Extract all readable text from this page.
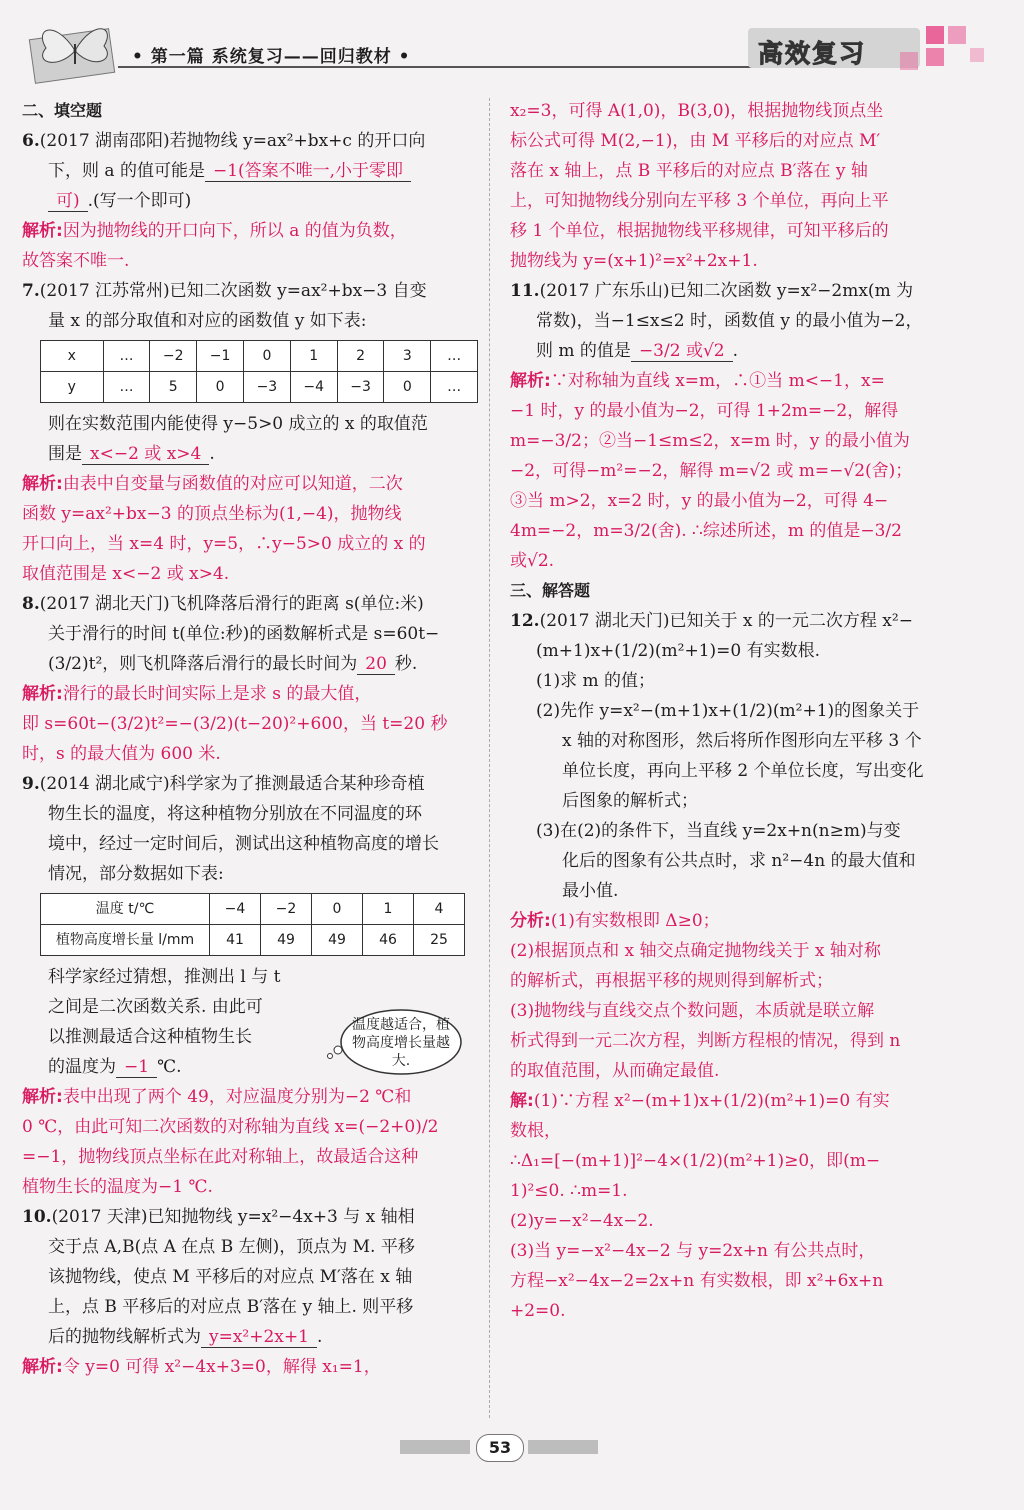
• 第一篇 系统复习——回归教材 •	高效复习

二、填空题

6.(2017 湖南邵阳)若抛物线 y=ax²+bx+c 的开口向

下，则 a 的值可能是 −1(答案不唯一,小于零即

可) .(写一个即可)

解析:因为抛物线的开口向下，所以 a 的值为负数，

故答案不唯一.

7.(2017 江苏常州)已知二次函数 y=ax²+bx−3 自变

量 x 的部分取值和对应的函数值 y 如下表:

x	…	−2	−1	0	1	2	3	…
y	…	5	0	−3	−4	−3	0	…

则在实数范围内能使得 y−5>0 成立的 x 的取值范

围是 x<−2 或 x>4 .

解析:由表中自变量与函数值的对应可以知道，二次

函数 y=ax²+bx−3 的顶点坐标为(1,−4)，抛物线

开口向上，当 x=4 时，y=5，∴y−5>0 成立的 x 的

取值范围是 x<−2 或 x>4.

8.(2017 湖北天门)飞机降落后滑行的距离 s(单位:米)

关于滑行的时间 t(单位:秒)的函数解析式是 s=60t−

(3/2)t²，则飞机降落后滑行的最长时间为 20 秒.

解析:滑行的最长时间实际上是求 s 的最大值，

即 s=60t−(3/2)t²=−(3/2)(t−20)²+600，当 t=20 秒

时，s 的最大值为 600 米.

9.(2014 湖北咸宁)科学家为了推测最适合某种珍奇植

物生长的温度，将这种植物分别放在不同温度的环

境中，经过一定时间后，测试出这种植物高度的增长

情况，部分数据如下表:

温度 t/℃	−4	−2	0	1	4
植物高度增长量 l/mm	41	49	49	46	25

科学家经过猜想，推测出 l 与 t

之间是二次函数关系. 由此可

以推测最适合这种植物生长

的温度为 −1 ℃.

解析:表中出现了两个 49，对应温度分别为−2 ℃和

0 ℃，由此可知二次函数的对称轴为直线 x=(−2+0)/2

=−1，抛物线顶点坐标在此对称轴上，故最适合这种

植物生长的温度为−1 ℃.

10.(2017 天津)已知抛物线 y=x²−4x+3 与 x 轴相

交于点 A,B(点 A 在点 B 左侧)，顶点为 M. 平移

该抛物线，使点 M 平移后的对应点 M′落在 x 轴

上，点 B 平移后的对应点 B′落在 y 轴上. 则平移

后的抛物线解析式为 y=x²+2x+1 .

解析:令 y=0 可得 x²−4x+3=0，解得 x₁=1，

x₂=3，可得 A(1,0)，B(3,0)，根据抛物线顶点坐

标公式可得 M(2,−1)，由 M 平移后的对应点 M′

落在 x 轴上，点 B 平移后的对应点 B′落在 y 轴

上，可知抛物线分别向左平移 3 个单位，再向上平

移 1 个单位，根据抛物线平移规律，可知平移后的

抛物线为 y=(x+1)²=x²+2x+1.

11.(2017 广东乐山)已知二次函数 y=x²−2mx(m 为

常数)，当−1≤x≤2 时，函数值 y 的最小值为−2，

则 m 的值是 −3/2 或√2 .

解析:∵对称轴为直线 x=m，∴①当 m<−1，x=

−1 时，y 的最小值为−2，可得 1+2m=−2，解得

m=−3/2；②当−1≤m≤2，x=m 时，y 的最小值为

−2，可得−m²=−2，解得 m=√2 或 m=−√2(舍)；

③当 m>2，x=2 时，y 的最小值为−2，可得 4−

4m=−2，m=3/2(舍). ∴综述所述，m 的值是−3/2

或√2.

三、解答题

12.(2017 湖北天门)已知关于 x 的一元二次方程 x²−

(m+1)x+(1/2)(m²+1)=0 有实数根.

(1)求 m 的值；

(2)先作 y=x²−(m+1)x+(1/2)(m²+1)的图象关于

x 轴的对称图形，然后将所作图形向左平移 3 个

单位长度，再向上平移 2 个单位长度，写出变化

后图象的解析式；

(3)在(2)的条件下，当直线 y=2x+n(n≥m)与变

化后的图象有公共点时，求 n²−4n 的最大值和

最小值.

分析:(1)有实数根即 Δ≥0；

(2)根据顶点和 x 轴交点确定抛物线关于 x 轴对称

的解析式，再根据平移的规则得到解析式；

(3)抛物线与直线交点个数问题，本质就是联立解

析式得到一元二次方程，判断方程根的情况，得到 n

的取值范围，从而确定最值.

解:(1)∵方程 x²−(m+1)x+(1/2)(m²+1)=0 有实

数根，

∴Δ₁=[−(m+1)]²−4×(1/2)(m²+1)≥0，即(m−

1)²≤0. ∴m=1.

(2)y=−x²−4x−2.

(3)当 y=−x²−4x−2 与 y=2x+n 有公共点时，

方程−x²−4x−2=2x+n 有实数根，即 x²+6x+n

+2=0.

温度越适合，植物高度增长量越大.
53
